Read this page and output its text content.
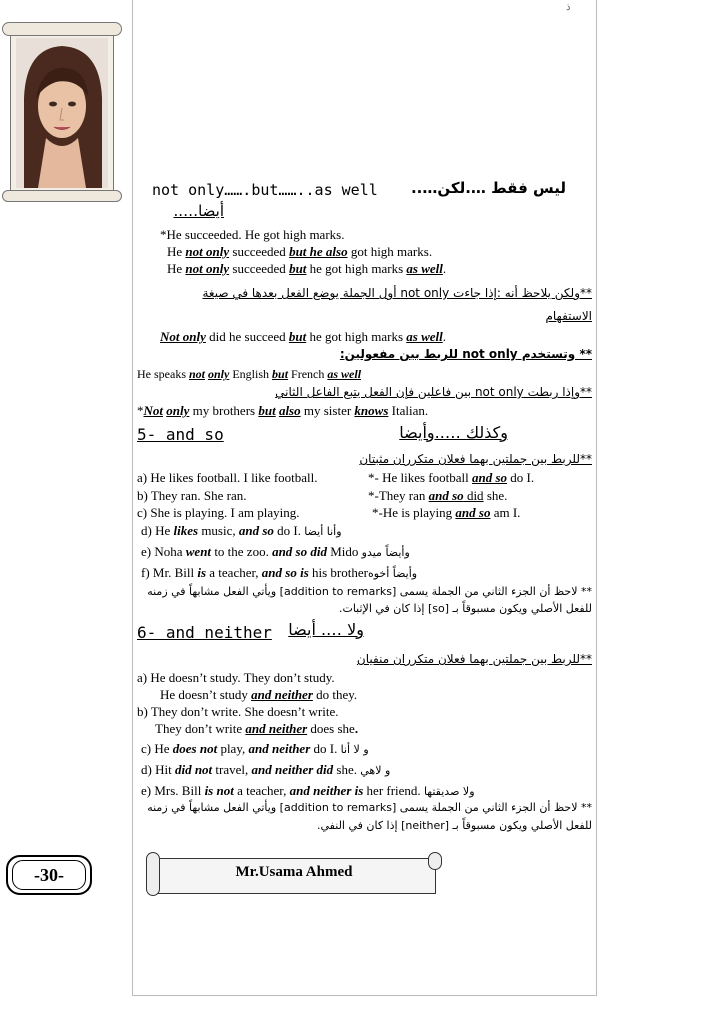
ذ
not only…….but……..as well ليس فقط ….لكن…..
أيضا…..
*He succeeded. He got high marks.
He not only succeeded but he also got high marks.
He not only succeeded but he got high marks as well.
**ولكن يلاحظ أنه :إذا جاءت not only أول الجملة يوضع الفعل بعدها في صيغة
الاستفهام
Not only did he succeed but he got high marks as well.
** وتستخدم not only للربط بين مفعولين:
He speaks not only English but French as well
**وإذا ربطت not only بين فاعلين فإن الفعل يتبع الفاعل الثاني
*Not only my brothers but also my sister knows Italian.
5- and so	وكذلك …..وأيضا
**للربط بين جملتين بهما فعلان متكرران مثبتان
a) He likes football. I like football.	*- He likes football and so do I.
b) They ran. She ran.	*-They ran and so did she.
c) She is playing. I am playing.	*-He is playing and so am I.
d) He likes music, and so do I. وأنا أيضا
e) Noha went to the zoo. and so did Mido وأيضاً ميدو
f) Mr. Bill is a teacher, and so is his brotherوأيضاً أخوه
** لاحظ أن الجزء الثاني من الجملة يسمى [addition to remarks] ويأتي الفعل مشابهاً في زمنه
للفعل الأصلي ويكون مسبوقاً بـ [so] إذا كان في الإثبات.
6- and neither ولا …. أيضا
**للربط بين جملتين بهما فعلان متكرران منفيان
a) He doesn’t study. They don’t study.
He doesn’t study and neither do they.
b) They don’t write. She doesn’t write.
They don’t write and neither does she.
c) He does not play, and neither do I. و لا أنا
d) Hit did not travel, and neither did she. و لاهي
e) Mrs. Bill is not a teacher, and neither is her friend. ولا صديقتها
** لاحظ أن الجزء الثاني من الجملة يسمى [addition to remarks] ويأتي الفعل مشابهاً في زمنه
للفعل الأصلي ويكون مسبوقاً بـ [neither] إذا كان في النفي.
-30-	Mr.Usama Ahmed
